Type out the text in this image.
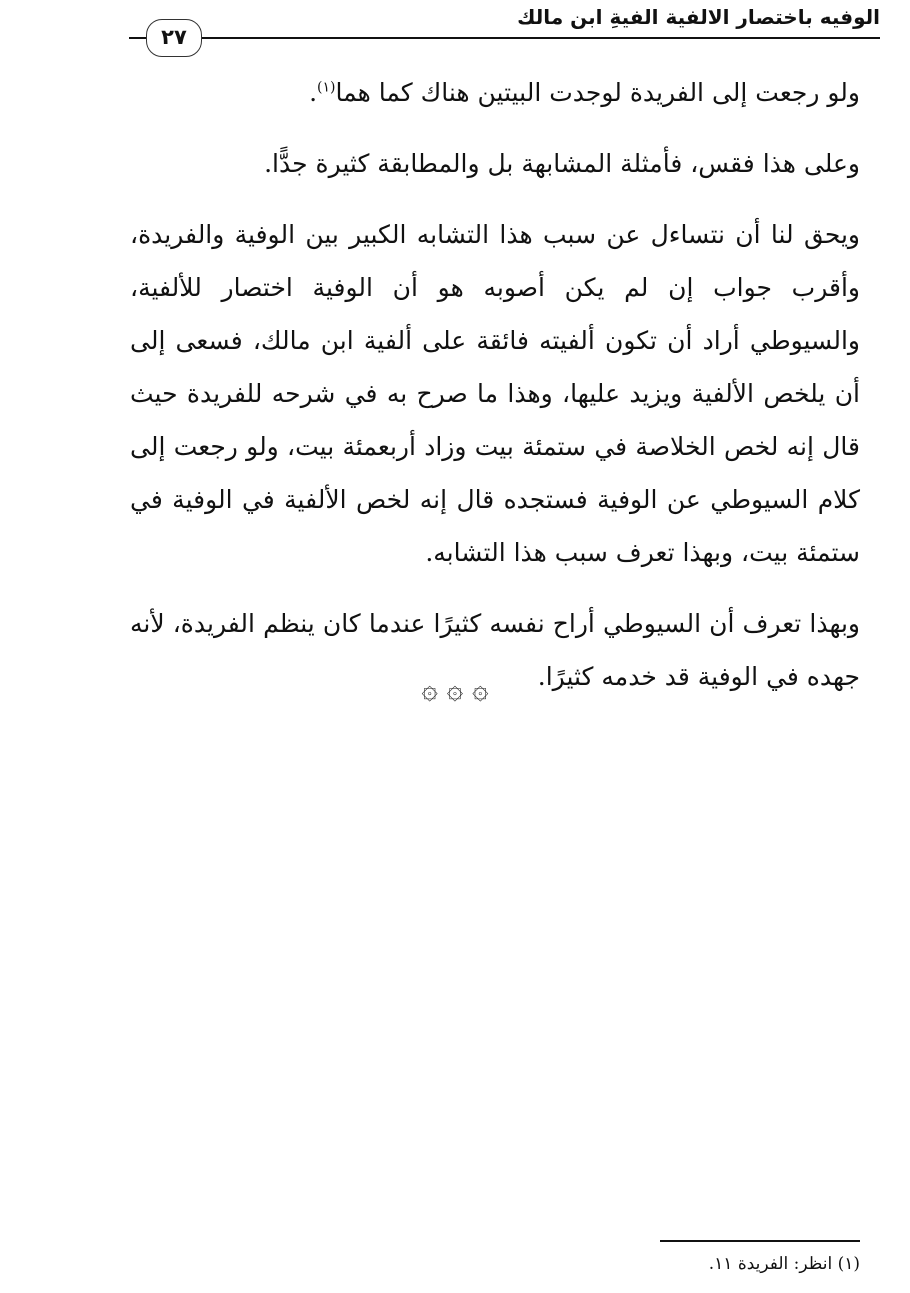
الوفيه باختصار الالفية الفيةِ ابن مالك
٢٧

ولو رجعت إلى الفريدة لوجدت البيتين هناك كما هما$^{(١)}$.

وعلى هذا فقس، فأمثلة المشابهة بل والمطابقة كثيرة جدًّا.

ويحق لنا أن نتساءل عن سبب هذا التشابه الكبير بين الوفية والفريدة، وأقرب جواب إن لم يكن أصوبه هو أن الوفية اختصار للألفية، والسيوطي أراد أن تكون ألفيته فائقة على ألفية ابن مالك، فسعى إلى أن يلخص الألفية ويزيد عليها، وهذا ما صرح به في شرحه للفريدة حيث قال إنه لخص الخلاصة في ستمئة بيت وزاد أربعمئة بيت، ولو رجعت إلى كلام السيوطي عن الوفية فستجده قال إنه لخص الألفية في الوفية في ستمئة بيت، وبهذا تعرف سبب هذا التشابه.

وبهذا تعرف أن السيوطي أراح نفسه كثيرًا عندما كان ينظم الفريدة، لأنه جهده في الوفية قد خدمه كثيرًا.

۞ ۞ ۞
(١) انظر: الفريدة ١١.
